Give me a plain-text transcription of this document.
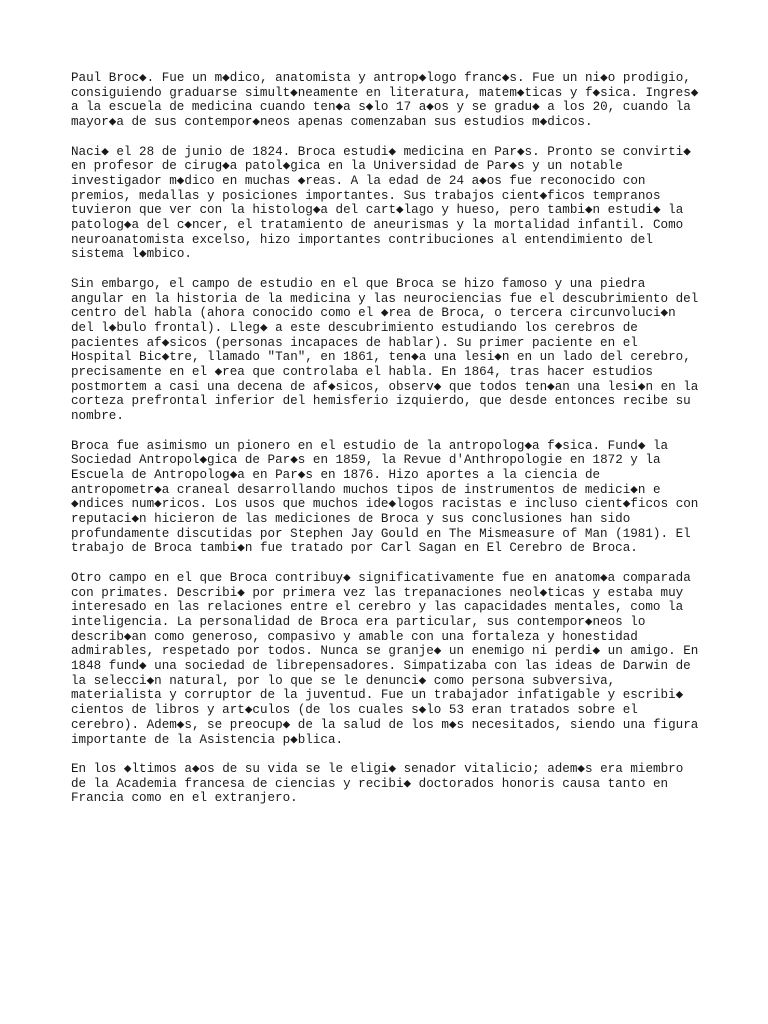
Paul Broc◆. Fue un m◆dico, anatomista y antrop◆logo franc◆s. Fue un ni◆o prodigio,
consiguiendo graduarse simult◆neamente en literatura, matem◆ticas y f◆sica. Ingres◆
a la escuela de medicina cuando ten◆a s◆lo 17 a◆os y se gradu◆ a los 20, cuando la
mayor◆a de sus contempor◆neos apenas comenzaban sus estudios m◆dicos.

Naci◆ el 28 de junio de 1824. Broca estudi◆ medicina en Par◆s. Pronto se convirti◆
en profesor de cirug◆a patol◆gica en la Universidad de Par◆s y un notable
investigador m◆dico en muchas ◆reas. A la edad de 24 a◆os fue reconocido con
premios, medallas y posiciones importantes. Sus trabajos cient◆ficos tempranos
tuvieron que ver con la histolog◆a del cart◆lago y hueso, pero tambi◆n estudi◆ la
patolog◆a del c◆ncer, el tratamiento de aneurismas y la mortalidad infantil. Como
neuroanatomista excelso, hizo importantes contribuciones al entendimiento del
sistema l◆mbico.

Sin embargo, el campo de estudio en el que Broca se hizo famoso y una piedra
angular en la historia de la medicina y las neurociencias fue el descubrimiento del
centro del habla (ahora conocido como el ◆rea de Broca, o tercera circunvoluci◆n
del l◆bulo frontal). Lleg◆ a este descubrimiento estudiando los cerebros de
pacientes af◆sicos (personas incapaces de hablar). Su primer paciente en el
Hospital Bic◆tre, llamado "Tan", en 1861, ten◆a una lesi◆n en un lado del cerebro,
precisamente en el ◆rea que controlaba el habla. En 1864, tras hacer estudios
postmortem a casi una decena de af◆sicos, observ◆ que todos ten◆an una lesi◆n en la
corteza prefrontal inferior del hemisferio izquierdo, que desde entonces recibe su
nombre.

Broca fue asimismo un pionero en el estudio de la antropolog◆a f◆sica. Fund◆ la
Sociedad Antropol◆gica de Par◆s en 1859, la Revue d'Anthropologie en 1872 y la
Escuela de Antropolog◆a en Par◆s en 1876. Hizo aportes a la ciencia de
antropometr◆a craneal desarrollando muchos tipos de instrumentos de medici◆n e
◆ndices num◆ricos. Los usos que muchos ide◆logos racistas e incluso cient◆ficos con
reputaci◆n hicieron de las mediciones de Broca y sus conclusiones han sido
profundamente discutidas por Stephen Jay Gould en The Mismeasure of Man (1981). El
trabajo de Broca tambi◆n fue tratado por Carl Sagan en El Cerebro de Broca.

Otro campo en el que Broca contribuy◆ significativamente fue en anatom◆a comparada
con primates. Describi◆ por primera vez las trepanaciones neol◆ticas y estaba muy
interesado en las relaciones entre el cerebro y las capacidades mentales, como la
inteligencia. La personalidad de Broca era particular, sus contempor◆neos lo
describ◆an como generoso, compasivo y amable con una fortaleza y honestidad
admirables, respetado por todos. Nunca se granje◆ un enemigo ni perdi◆ un amigo. En
1848 fund◆ una sociedad de librepensadores. Simpatizaba con las ideas de Darwin de
la selecci◆n natural, por lo que se le denunci◆ como persona subversiva,
materialista y corruptor de la juventud. Fue un trabajador infatigable y escribi◆
cientos de libros y art◆culos (de los cuales s◆lo 53 eran tratados sobre el
cerebro). Adem◆s, se preocup◆ de la salud de los m◆s necesitados, siendo una figura
importante de la Asistencia p◆blica.

En los ◆ltimos a◆os de su vida se le eligi◆ senador vitalicio; adem◆s era miembro
de la Academia francesa de ciencias y recibi◆ doctorados honoris causa tanto en
Francia como en el extranjero.
